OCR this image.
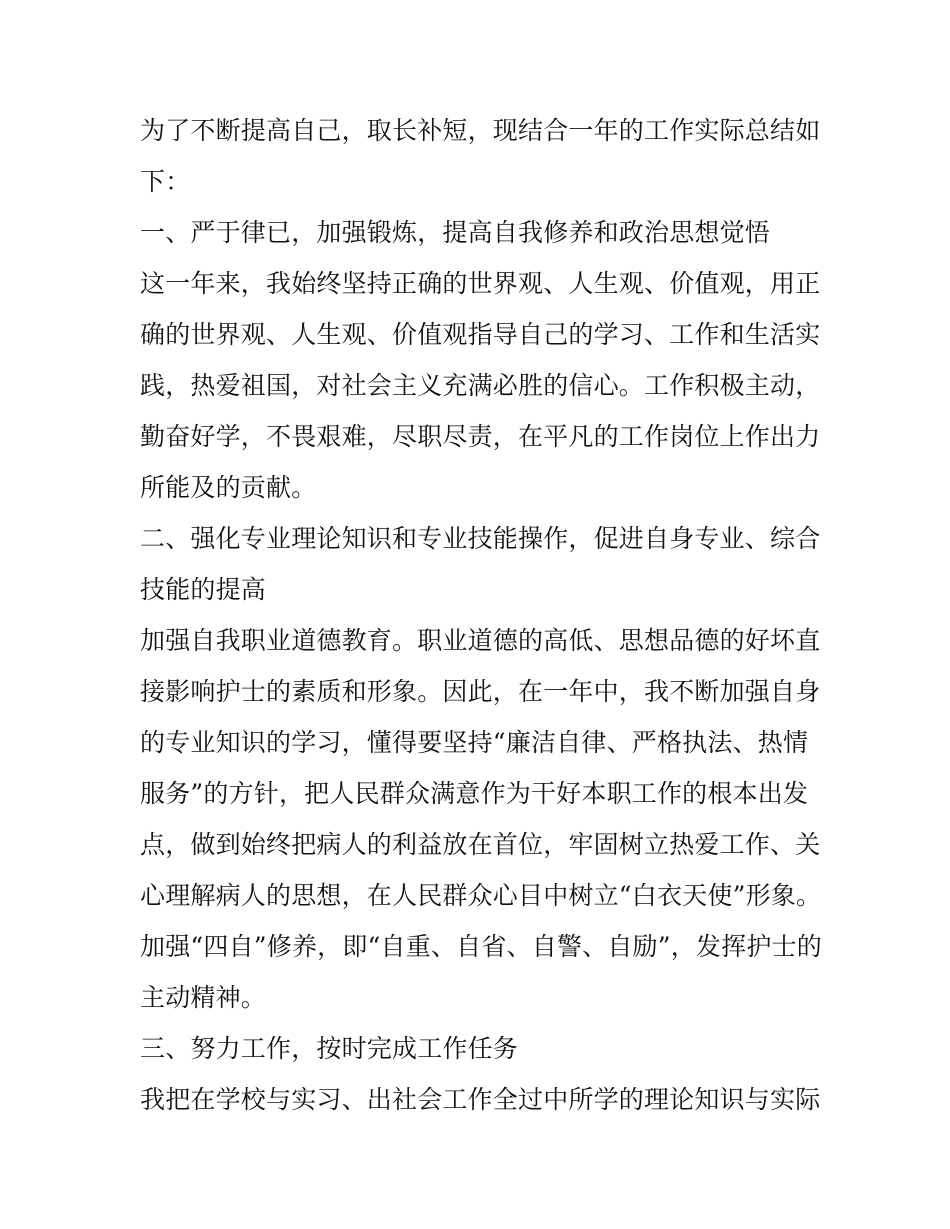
为了不断提高自己，取长补短，现结合一年的工作实际总结如
下：
一、严于律已，加强锻炼，提高自我修养和政治思想觉悟
这一年来，我始终坚持正确的世界观、人生观、价值观，用正
确的世界观、人生观、价值观指导自己的学习、工作和生活实
践，热爱祖国，对社会主义充满必胜的信心。工作积极主动，
勤奋好学，不畏艰难，尽职尽责，在平凡的工作岗位上作出力
所能及的贡献。
二、强化专业理论知识和专业技能操作，促进自身专业、综合
技能的提高
加强自我职业道德教育。职业道德的高低、思想品德的好坏直
接影响护士的素质和形象。因此，在一年中，我不断加强自身
的专业知识的学习，懂得要坚持“廉洁自律、严格执法、热情
服务”的方针，把人民群众满意作为干好本职工作的根本出发
点，做到始终把病人的利益放在首位，牢固树立热爱工作、关
心理解病人的思想，在人民群众心目中树立“白衣天使”形象。
加强“四自”修养，即“自重、自省、自警、自励”，发挥护士的
主动精神。
三、努力工作，按时完成工作任务
我把在学校与实习、出社会工作全过中所学的理论知识与实际
